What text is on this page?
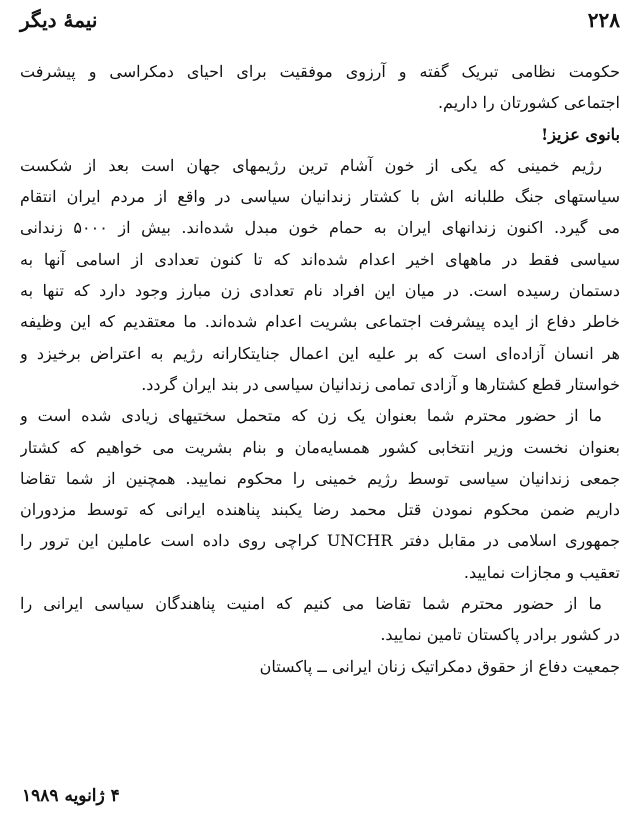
۲۲۸
نیمهٔ دیگر
حکومت نظامی تبریک گفته و آرزوی موفقیت برای احیای دمکراسی و پیشرفت
اجتماعی کشورتان را داریم.
بانوی عزیز!
رژیم خمینی که یکی از خون آشام ترین رژیمهای جهان است بعد از شکست
سیاستهای جنگ طلبانه اش با کشتار زندانیان سیاسی در واقع از مردم ایران انتقام
می گیرد. اکنون زندانهای ایران به حمام خون مبدل شده‌اند. بیش از ۵۰۰۰ زندانی
سیاسی فقط در ماههای اخیر اعدام شده‌اند که تا کنون تعدادی از اسامی آنها به
دستمان رسیده است. در میان این افراد نام تعدادی زن مبارز وجود دارد که تنها به
خاطر دفاع از ایده پیشرفت اجتماعی بشریت اعدام شده‌اند. ما معتقدیم که این وظیفه
هر انسان آزاده‌ای است که بر علیه این اعمال جنایتکارانه رژیم به اعتراض برخیزد و
خواستار قطع کشتارها و آزادی تمامی زندانیان سیاسی در بند ایران گردد.
ما از حضور محترم شما بعنوان یک زن که متحمل سختیهای زیادی شده است و
بعنوان نخست وزیر انتخابی کشور همسایه‌مان و بنام بشریت می خواهیم که کشتار
جمعی زندانیان سیاسی توسط رژیم خمینی را محکوم نمایید. همچنین از شما تقاضا
داریم ضمن محکوم نمودن قتل محمد رضا یکبند پناهنده ایرانی که توسط مزدوران
جمهوری اسلامی در مقابل دفتر UNCHR کراچی روی داده است عاملین این ترور را
تعقیب و مجازات نمایید.
ما از حضور محترم شما تقاضا می کنیم که امنیت پناهندگان سیاسی ایرانی را
در کشور برادر پاکستان تامین نمایید.
جمعیت دفاع از حقوق دمکراتیک زنان ایرانی ــ پاکستان
۴ ژانویه ۱۹۸۹
